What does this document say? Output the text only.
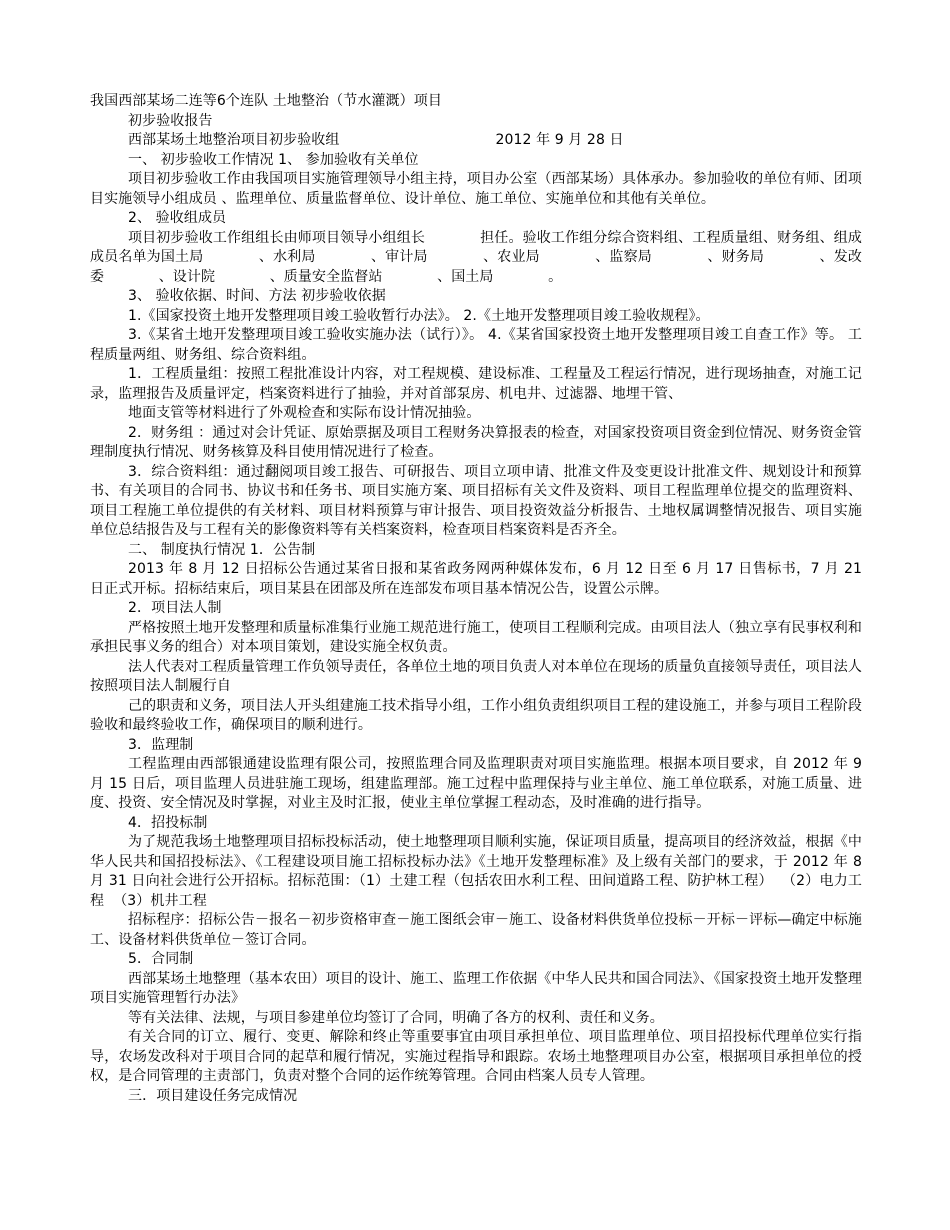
我国西部某场二连等6个连队 土地整治（节水灌溉）项目

初步验收报告

西部某场土地整治项目初步验收组	2012 年 9 月 28 日

一、 初步验收工作情况 1、 参加验收有关单位

项目初步验收工作由我国项目实施管理领导小组主持，项目办公室（西部某场）具体承办。参加验收的单位有师、团项目实施领导小组成员 、监理单位、质量监督单位、设计单位、施工单位、实施单位和其他有关单位。

2、 验收组成员

项目初步验收工作组组长由师项目领导小组组长            担任。验收工作组分综合资料组、工程质量组、财务组、组成成员名单为国土局            、水利局            、审计局            、农业局            、监察局            、财务局            、发改委            、设计院            、质量安全监督站            、国土局            。

3、 验收依据、时间、方法 初步验收依据

1.《国家投资土地开发整理项目竣工验收暂行办法》。 2.《土地开发整理项目竣工验收规程》。

3.《某省土地开发整理项目竣工验收实施办法（试行）》。 4.《某省国家投资土地开发整理项目竣工自查工作》等。 工程质量两组、财务组、综合资料组。

1．工程质量组：按照工程批准设计内容，对工程规模、建设标准、工程量及工程运行情况，进行现场抽查，对施工记录，监理报告及质量评定，档案资料进行了抽验，并对首部泵房、机电井、过滤器、地埋干管、

地面支管等材料进行了外观检查和实际布设计情况抽验。

2．财务组 ：通过对会计凭证、原始票据及项目工程财务决算报表的检查，对国家投资项目资金到位情况、财务资金管理制度执行情况、财务核算及科目使用情况进行了检查。

3．综合资料组：通过翻阅项目竣工报告、可研报告、项目立项申请、批准文件及变更设计批准文件、规划设计和预算书、有关项目的合同书、协议书和任务书、项目实施方案、项目招标有关文件及资料、项目工程监理单位提交的监理资料、项目工程施工单位提供的有关材料、项目材料预算与审计报告、项目投资效益分析报告、土地权属调整情况报告、项目实施单位总结报告及与工程有关的影像资料等有关档案资料，检查项目档案资料是否齐全。

二、 制度执行情况 1．公告制

2013 年 8 月 12 日招标公告通过某省日报和某省政务网两种媒体发布，6 月 12 日至 6 月 17 日售标书，7 月 21 日正式开标。招标结束后，项目某县在团部及所在连部发布项目基本情况公告，设置公示牌。

2．项目法人制

严格按照土地开发整理和质量标准集行业施工规范进行施工，使项目工程顺利完成。由项目法人（独立享有民事权利和承担民事义务的组合）对本项目策划，建设实施全权负责。

法人代表对工程质量管理工作负领导责任，各单位土地的项目负责人对本单位在现场的质量负直接领导责任，项目法人按照项目法人制履行自

己的职责和义务，项目法人开头组建施工技术指导小组，工作小组负责组织项目工程的建设施工，并参与项目工程阶段验收和最终验收工作，确保项目的顺利进行。

3．监理制

工程监理由西部银通建设监理有限公司，按照监理合同及监理职责对项目实施监理。根据本项目要求，自 2012 年 9 月 15 日后，项目监理人员进驻施工现场，组建监理部。施工过程中监理保持与业主单位、施工单位联系，对施工质量、进度、投资、安全情况及时掌握，对业主及时汇报，使业主单位掌握工程动态，及时准确的进行指导。

4．招投标制

为了规范我场土地整理项目招标投标活动，使土地整理项目顺利实施，保证项目质量，提高项目的经济效益，根据《中华人民共和国招投标法》、《工程建设项目施工招标投标办法》《土地开发整理标准》及上级有关部门的要求，于 2012 年 8 月 31 日向社会进行公开招标。招标范围：（1）土建工程（包括农田水利工程、田间道路工程、防护林工程）  （2）电力工程  （3）机井工程

招标程序：招标公告－报名－初步资格审查－施工图纸会审－施工、设备材料供货单位投标－开标－评标—确定中标施工、设备材料供货单位－签订合同。

5．合同制

西部某场土地整理（基本农田）项目的设计、施工、监理工作依据《中华人民共和国合同法》、《国家投资土地开发整理项目实施管理暂行办法》

等有关法律、法规，与项目参建单位均签订了合同，明确了各方的权利、责任和义务。

有关合同的订立、履行、变更、解除和终止等重要事宜由项目承担单位、项目监理单位、项目招投标代理单位实行指导，农场发改科对于项目合同的起草和履行情况，实施过程指导和跟踪。农场土地整理项目办公室，根据项目承担单位的授权，是合同管理的主责部门，负责对整个合同的运作统筹管理。合同由档案人员专人管理。

三．项目建设任务完成情况
